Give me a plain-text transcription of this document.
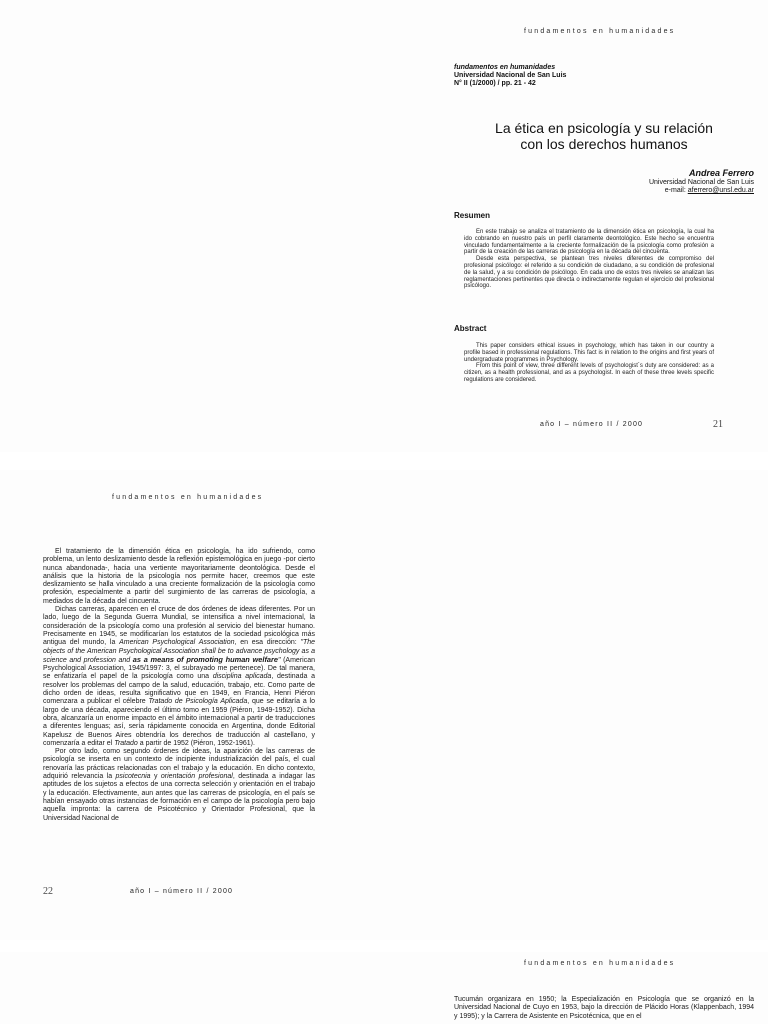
fundamentos en humanidades
fundamentos en humanidades
Universidad Nacional de San Luis
N° II (1/2000) / pp. 21 - 42
La ética en psicología y su relación
con los derechos humanos
Andrea Ferrero
Universidad Nacional de San Luis
e-mail: aferrero@unsl.edu.ar
Resumen

En este trabajo se analiza el tratamiento de la dimensión ética en psicología, la cual ha ido cobrando en nuestro país un perfil claramente deontológico. Este hecho se encuentra vinculado fundamentalmente a la creciente formalización de la psicología como profesión a partir de la creación de las carreras de psicología en la década del cincuenta.

Desde esta perspectiva, se plantean tres niveles diferentes de compromiso del profesional psicólogo: el referido a su condición de ciudadano, a su condición de profesional de la salud, y a su condición de psicólogo. En cada uno de estos tres niveles se analizan las reglamentaciones pertinentes que directa o indirectamente regulan el ejercicio del profesional psicólogo.

Abstract

This paper considers ethical issues in psychology, which has taken in our country a profile based in professional regulations. This fact is in relation to the origins and first years of undergraduate programmes in Psychology.

From this point of view, three different levels of psychologist´s duty are considered: as a citizen, as a health professional, and as a psychologist. In each of these three levels specific regulations are considered.

año I – número II / 2000	21
fundamentos en humanidades

El tratamiento de la dimensión ética en psicología, ha ido sufriendo, como problema, un lento deslizamiento desde la reflexión epistemológica en juego -por cierto nunca abandonada-, hacia una vertiente mayoritariamente deontológica. Desde el análisis que la historia de la psicología nos permite hacer, creemos que este deslizamiento se halla vinculado a una creciente formalización de la psicología como profesión, especialmente a partir del surgimiento de las carreras de psicología, a mediados de la década del cincuenta.

Dichas carreras, aparecen en el cruce de dos órdenes de ideas diferentes. Por un lado, luego de la Segunda Guerra Mundial, se intensifica a nivel internacional, la consideración de la psicología como una profesión al servicio del bienestar humano. Precisamente en 1945, se modificarían los estatutos de la sociedad psicológica más antigua del mundo, la American Psychological Association, en esa dirección: "The objects of the American Psychological Association shall be to advance psychology as a science and profession and as a means of promoting human welfare" (American Psychological Association, 1945/1997: 3, el subrayado me pertenece). De tal manera, se enfatizaría el papel de la psicología como una disciplina aplicada, destinada a resolver los problemas del campo de la salud, educación, trabajo, etc. Como parte de dicho orden de ideas, resulta significativo que en 1949, en Francia, Henri Piéron comenzara a publicar el célebre Tratado de Psicología Aplicada, que se editaría a lo largo de una década, apareciendo el último tomo en 1959 (Piéron, 1949-1952). Dicha obra, alcanzaría un enorme impacto en el ámbito internacional a partir de traducciones a diferentes lenguas; así, sería rápidamente conocida en Argentina, donde Editorial Kapelusz de Buenos Aires obtendría los derechos de traducción al castellano, y comenzaría a editar el Tratado a partir de 1952 (Piéron, 1952-1961).

Por otro lado, como segundo órdenes de ideas, la aparición de las carreras de psicología se inserta en un contexto de incipiente industrialización del país, el cual renovaría las prácticas relacionadas con el trabajo y la educación. En dicho contexto, adquirió relevancia la psicotecnia y orientación profesional, destinada a indagar las aptitudes de los sujetos a efectos de una correcta selección y orientación en el trabajo y la educación. Efectivamente, aun antes que las carreras de psicología, en el país se habían ensayado otras instancias de formación en el campo de la psicología pero bajo aquella impronta: la carrera de Psicotécnico y Orientador Profesional, que la Universidad Nacional de

22	año I – número II / 2000
fundamentos en humanidades

Tucumán organizara en 1950; la Especialización en Psicología que se organizó en la Universidad Nacional de Cuyo en 1953, bajo la dirección de Plácido Horas (Klappenbach, 1994 y 1995); y la Carrera de Asistente en Psicotécnica, que en el
